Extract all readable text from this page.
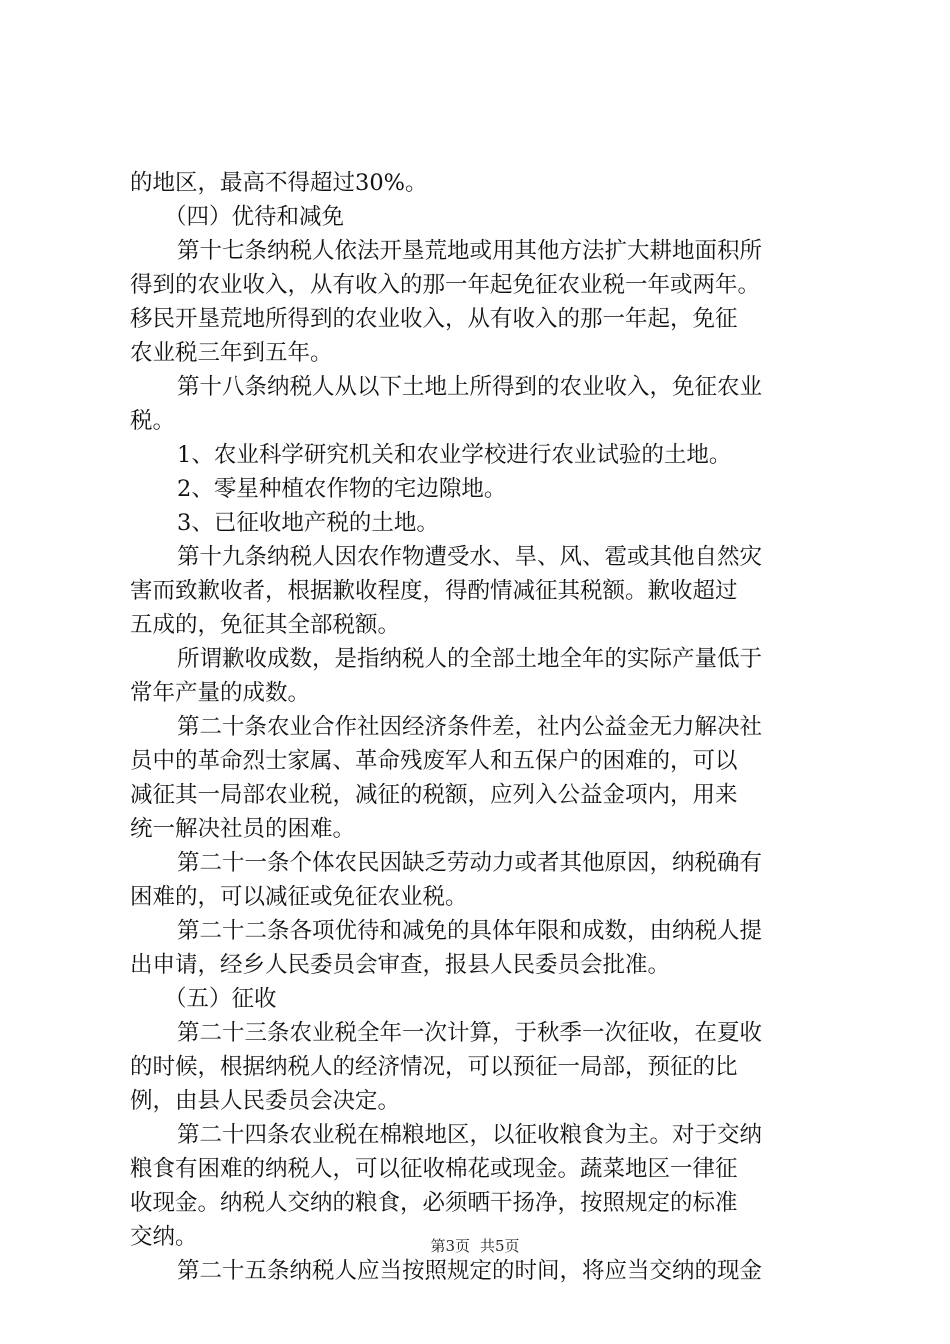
的地区，最高不得超过30%。
（四）优待和减免
第十七条纳税人依法开垦荒地或用其他方法扩大耕地面积所
得到的农业收入，从有收入的那一年起免征农业税一年或两年。
移民开垦荒地所得到的农业收入，从有收入的那一年起，免征
农业税三年到五年。
第十八条纳税人从以下土地上所得到的农业收入，免征农业
税。
1、农业科学研究机关和农业学校进行农业试验的土地。
2、零星种植农作物的宅边隙地。
3、已征收地产税的土地。
第十九条纳税人因农作物遭受水、旱、风、雹或其他自然灾
害而致歉收者，根据歉收程度，得酌情减征其税额。歉收超过
五成的，免征其全部税额。
所谓歉收成数，是指纳税人的全部土地全年的实际产量低于
常年产量的成数。
第二十条农业合作社因经济条件差，社内公益金无力解决社
员中的革命烈士家属、革命残废军人和五保户的困难的，可以
减征其一局部农业税，减征的税额，应列入公益金项内，用来
统一解决社员的困难。
第二十一条个体农民因缺乏劳动力或者其他原因，纳税确有
困难的，可以减征或免征农业税。
第二十二条各项优待和减免的具体年限和成数，由纳税人提
出申请，经乡人民委员会审查，报县人民委员会批准。
（五）征收
第二十三条农业税全年一次计算，于秋季一次征收，在夏收
的时候，根据纳税人的经济情况，可以预征一局部，预征的比
例，由县人民委员会决定。
第二十四条农业税在棉粮地区，以征收粮食为主。对于交纳
粮食有困难的纳税人，可以征收棉花或现金。蔬菜地区一律征
收现金。纳税人交纳的粮食，必须晒干扬净，按照规定的标准
交纳。
第二十五条纳税人应当按照规定的时间，将应当交纳的现金
第3页 共5页
